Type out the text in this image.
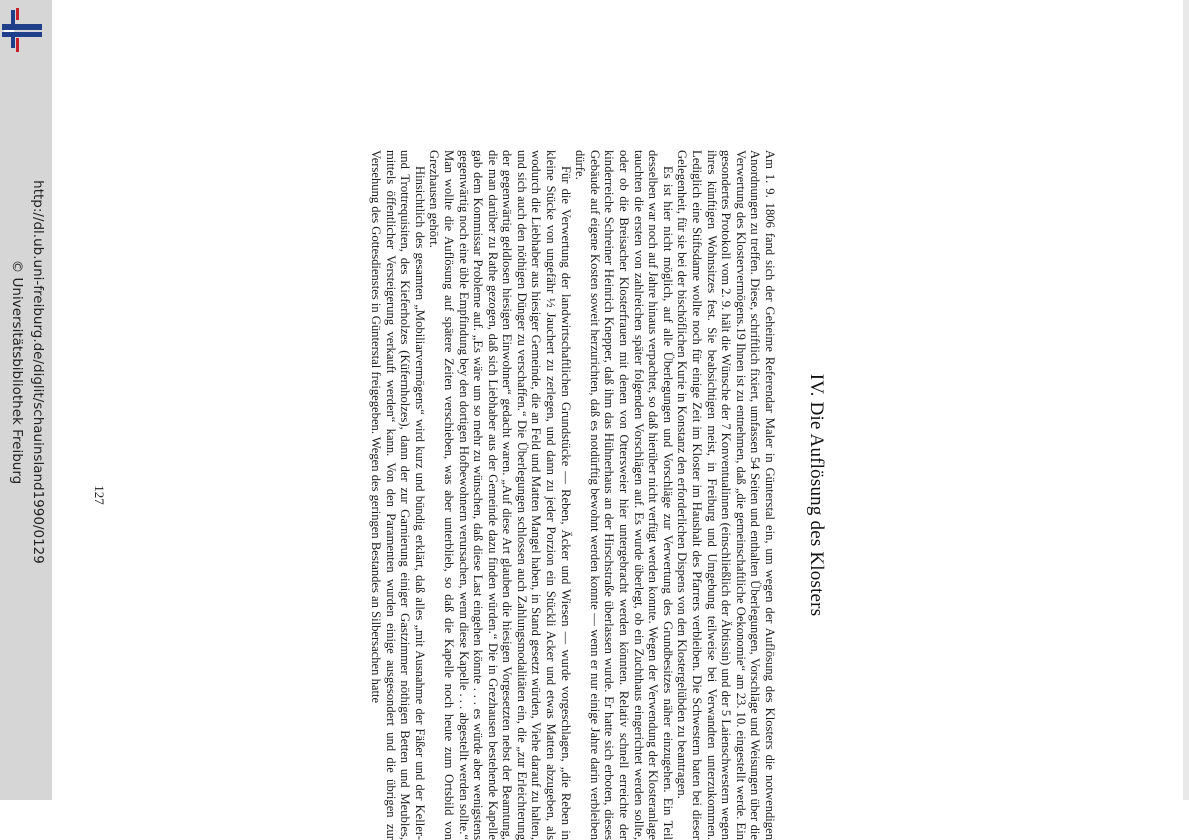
http://dl.ub.uni-freiburg.de/diglit/schauinsland1990/0129
© Universitätsbibliothek Freiburg
IV. Die Auflösung des Klosters

Am 1. 9. 1806 fand sich der Geheime Referendar Maler in Günterstal ein, um wegen der Auflösung des Klosters die notwendigen Anordnungen zu treffen. Diese, schriftlich fixiert, umfassen 54 Seiten und enthalten Überlegungen, Vorschläge und Weisungen über die Verwertung des Klostervermögens.19 Ihnen ist zu entnehmen, daß „die gemeinschaftliche Oekonomie“ am 23. 10. eingestellt werde. Ein gesondertes Protokoll vom 2. 9. hält die Wünsche der 7 Konventualinnen (einschließlich der Äbtissin) und der 5 Laienschwestern wegen ihres künftigen Wohnsitzes fest. Sie beabsichtigen meist, in Freiburg und Umgebung teilweise bei Verwandten unterzukommen. Lediglich eine Stiftsdame wollte noch für einige Zeit im Kloster im Haushalt des Pfarrers verbleiben. Die Schwestern baten bei dieser Gelegenheit, für sie bei der bischöflichen Kurie in Konstanz den erforderlichen Dispens von den Klostergelübden zu beantragen.

Es ist hier nicht möglich, auf alle Überlegungen und Vorschläge zur Verwertung des Grundbesitzes näher einzugehen. Ein Teil desselben war noch auf Jahre hinaus verpachtet, so daß hierüber nicht verfügt werden konnte. Wegen der Verwendung der Klosteranlage tauchten die ersten von zahlreichen später folgenden Vorschlägen auf. Es wurde überlegt, ob ein Zuchthaus eingerichtet werden sollte, oder ob die Breisacher Klosterfrauen mit denen von Ottersweier hier untergebracht werden könnten. Relativ schnell erreichte der kinderreiche Schreiner Heinrich Knepper, daß ihm das Hühnerhaus an der Hirschstraße überlassen wurde. Er hatte sich erboten, dieses Gebäude auf eigene Kosten soweit herzurichten, daß es notdürftig bewohnt werden konnte — wenn er nur einige Jahre darin verbleiben dürfe.

Für die Verwertung der landwirtschaftlichen Grundstücke — Reben, Äcker und Wiesen — wurde vorgeschlagen, „die Reben in kleine Stücke von ungefähr ½ Jauchert zu zerlegen, und dann zu jeder Porzion ein Stückli Acker und etwas Matten abzugeben, als wodurch die Liebhaber aus hiesiger Gemeinde, die an Feld und Matten Mangel haben, in Stand gesetzt würden, Viehe darauf zu halten, und sich auch den nöthigen Dünger zu verschaffen.“ Die Überlegungen schlossen auch Zahlungsmodalitäten ein, die „zur Erleichterung der gegenwärtig geldlosen hiesigen Einwohner“ gedacht waren. „Auf diese Art glauben die hiesigen Vorgesetzten nebst der Beamtung, die man darüber zu Rathe gezogen, daß sich Liebhaber aus der Gemeinde dazu finden würden.“ Die in Grezhausen bestehende Kapelle gab dem Kommissar Probleme auf. „Es wäre um so mehr zu wünschen, daß diese Last eingehen könnte . . . es würde aber wenigstens gegenwärtig noch eine üble Empfindung bey den dortigen Hofbewohnern verursachen, wenn diese Kapelle . . . abgestellt werden sollte.“ Man wollte die Auflösung auf spätere Zeiten verschieben, was aber unterblieb, so daß die Kapelle noch heute zum Ortsbild von Grezhausen gehört.

Hinsichtlich des gesamten „Mobiliarvermögens“ wird kurz und bündig erklärt, daß alles „mit Ausnahme der Fäßer und der Keller- und Trottrequisiten, des Kieferholzes (Küfernholzes), dann der zur Garnierung einiger Gastzimmer nöthigen Betten und Meubles, mittels öffentlicher Versteigerung verkauft werden“ kann. Von den Paramenten wurden einige ausgesondert und die übrigen zur Versehung des Gottesdienstes in Günterstal freigegeben. Wegen des geringen Bestandes an Silbersachen hatte

127
